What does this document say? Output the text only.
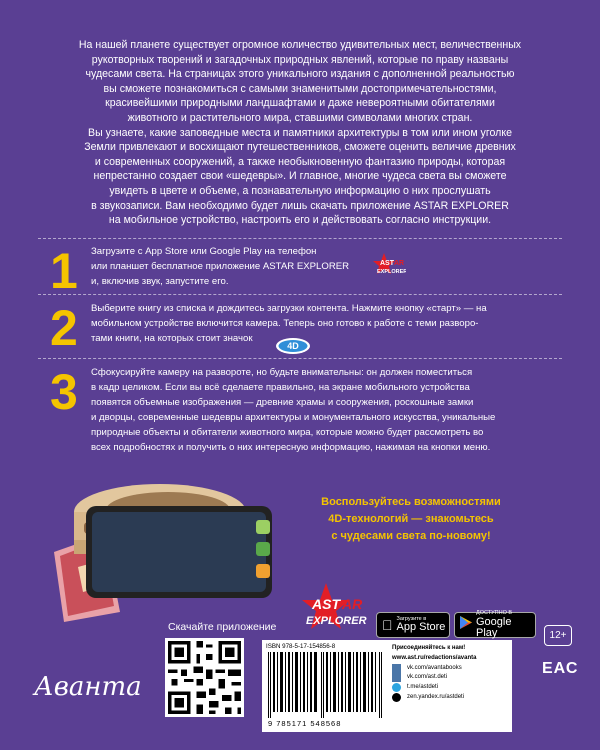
На нашей планете существует огромное количество удивительных мест, величественных

рукотворных творений и загадочных природных явлений, которые по праву названы

чудесами света. На страницах этого уникального издания с дополненной реальностью

вы сможете познакомиться с самыми знаменитыми достопримечательностями,

красивейшими природными ландшафтами и даже невероятными обитателями

животного и растительного мира, ставшими символами многих стран.

Вы узнаете, какие заповедные места и памятники архитектуры в том или ином уголке

Земли привлекают и восхищают путешественников, сможете оценить величие древних

и современных сооружений, а также необыкновенную фантазию природы, которая

непрестанно создает свои «шедевры». И главное, многие чудеса света вы сможете

увидеть в цвете и объеме, а познавательную информацию о них прослушать

в звукозаписи. Вам необходимо будет лишь скачать приложение ASTAR EXPLORER

на мобильное устройство, настроить его и действовать согласно инструкции.

1 Загрузите с App Store или Google Play на телефон
или планшет бесплатное приложение ASTAR EXPLORER
и, включив звук, запустите его.
AST AR
EXPLORER
2 Выберите книгу из списка и дождитесь загрузки контента. Нажмите кнопку «старт» — на
мобильном устройстве включится камера. Теперь оно готово к работе с теми разворо-
тами книги, на которых стоит значок
4D
3 Сфокусируйте камеру на развороте, но будьте внимательны: он должен поместиться
в кадр целиком. Если вы всё сделаете правильно, на экране мобильного устройства
появятся объемные изображения — древние храмы и сооружения, роскошные замки
и дворцы, современные шедевры архитектуры и монументального искусства, уникальные
природные объекты и обитатели животного мира, которые можно будет рассмотреть во
всех подробностях и получить о них интересную информацию, нажимая на кнопки меню.
Воспользуйтесь возможностями
4D-технологий — знакомьтесь
с чудесами света по-новому!
AST AR
EXPLORER	Загрузите в
App Store
ДОСТУПНО В
Google Play
Скачайте приложение
Аванта
ISBN 978-5-17-154856-8
9 785171 548568
Присоединяйтесь к нам!
www.ast.ru/redactions/avanta
vk.com/avantabooks
vk.com/ast.deti
t.me/astdeti
zen.yandex.ru/astdeti
12+
ЕАС
